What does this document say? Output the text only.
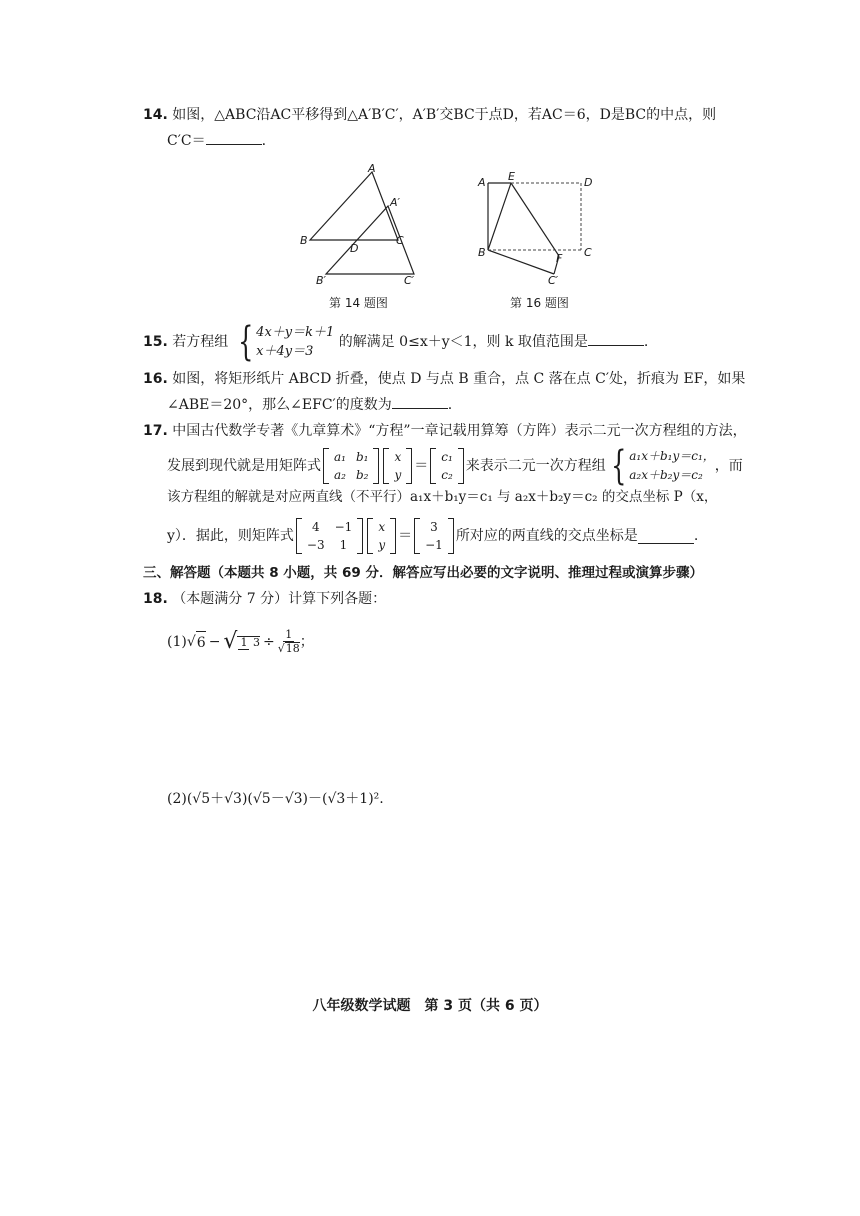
14. 如图，△ABC沿AC平移得到△A′B′C′，A′B′交BC于点D，若AC＝6，D是BC的中点，则
C′C＝	.
A
A′
B
D
C
B′	C′
第 14 题图
A E	D
B	F C
C′
第 16 题图
15. 若方程组 { 4x＋y＝k＋1
x＋4y＝3
的解满足 0≤x＋y＜1，则 k 取值范围是	.
16. 如图，将矩形纸片 ABCD 折叠，使点 D 与点 B 重合，点 C 落在点 C′处，折痕为 EF，如果
∠ABE＝20°，那么∠EFC′的度数为	.
17. 中国古代数学专著《九章算术》“方程”一章记载用算筹（方阵）表示二元一次方程组的方法，
发展到现代就是用矩阵式
a₁	b₁
a₂	b₂
x
y
＝
c₁
c₂
来表示二元一次方程组 { a₁x＋b₁y＝c₁，
a₂x＋b₂y＝c₂
，而
该方程组的解就是对应两直线（不平行）a₁x＋b₁y＝c₁ 与 a₂x＋b₂y＝c₂ 的交点坐标 P（x，
y）．据此，则矩阵式
4	−1
−3	1
x
y
＝
3
−1
所对应的两直线的交点坐标是	.
三、解答题（本题共 8 小题，共 69 分．解答应写出必要的文字说明、推理过程或演算步骤）
18. （本题满分 7 分）计算下列各题：
(1) √ 6 − √ 1 $3 \div \frac{1}{√18}$ ；
(2)(√5＋√3)(√5－√3)－(√3＋1)².
八年级数学试题　第 3 页（共 6 页）
